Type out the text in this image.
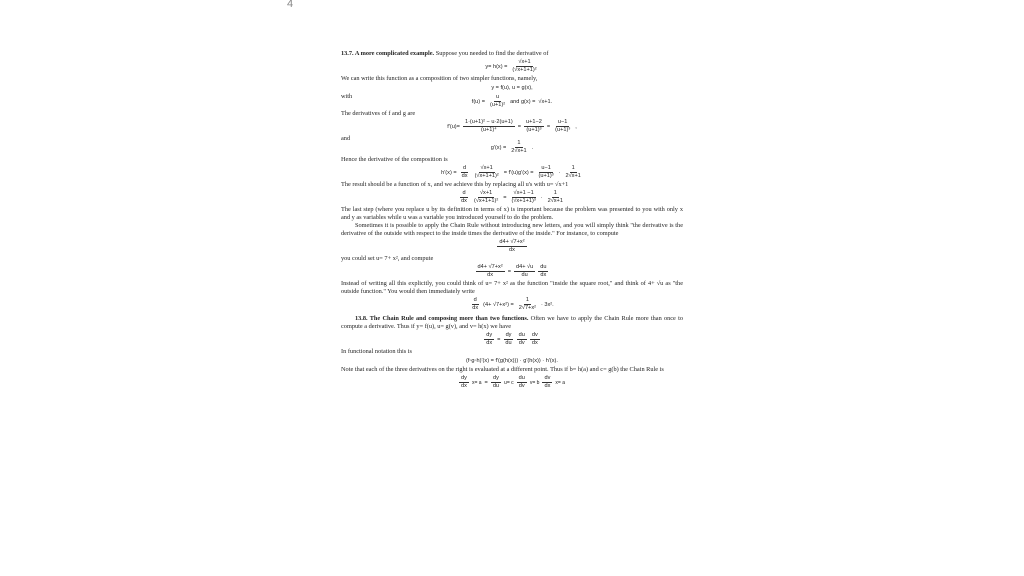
4

13.7. A more complicated example. Suppose you needed to find the derivative of

$y= h(x) = \frac{√x+1}{\text{(√x+1+1)²}}$

We can write this function as a composition of two simpler functions, namely,

y = f(u), u = g(x),

with

$f(u) = \frac{u}{\text{(u+1)²}}$ and g(x) = √x+1.

The derivatives of f and g are

$f'(u)= \frac{\text{1·(u+1)² − u·2(u+1)}}{\text{(u+1)⁴}} = \frac{u+1-2}{\text{(u+1)³}} = \frac{u-1}{\text{(u+1)³}}$ ,

and

$g'(x) = \frac{1}{2√x+1}$ .

Hence the derivative of the composition is

$h'(x) = \frac{d}{dx} \frac{√x+1}{\text{(√x+1+1)²}} = f'(u)g'(x) = \frac{u-1}{\text{(u+1)³}} \cdot \frac{1}{2√x+1}$

The result should be a function of x, and we achieve this by replacing all u's with u= √x+1

$\frac{d}{dx} \frac{√x+1}{\text{(√x+1+1)²}} = \frac{√x+1 -1}{\text{(√x+1+1)³}} \cdot \frac{1}{2√x+1}$

The last step (where you replace u by its definition in terms of x) is important because the problem was presented to you with only x and y as variables while u was a variable you introduced yourself to do the problem.

Sometimes it is possible to apply the Chain Rule without introducing new letters, and you will simply think "the derivative is the derivative of the outside with respect to the inside times the derivative of the inside." For instance, to compute

$\frac{\text{d4+ √7+x²}}{dx}$

you could set u= 7+ x², and compute

$\frac{\text{d4+ √7+x²}}{dx} = \frac{d4+ √u}{du} \frac{du}{dx}$

Instead of writing all this explicitly, you could think of u= 7+ x² as the function "inside the square root," and think of 4+ √u as "the outside function." You would then immediately write

$\frac{d}{dx} (4+ √7+x^2) = \frac{1}{\text{2√7+x²}} \cdot 3x^2$.

13.8. The Chain Rule and composing more than two functions. Often we have to apply the Chain Rule more than once to compute a derivative. Thus if y= f(u), u= g(v), and v= h(x) we have

$\frac{dy}{dx} = \frac{dy}{du} \frac{du}{dv} \frac{dv}{dx}$

In functional notation this is

(f◦g◦h)′(x) = f′(g(h(x))) · g′(h(x)) · h′(x).

Note that each of the three derivatives on the right is evaluated at a different point. Thus if b= h(a) and c= g(b) the Chain Rule is

$\frac{dy}{dx} x= a = \frac{dy}{du} u= c \frac{du}{dv} v= b \frac{dv}{dx} x= a$
